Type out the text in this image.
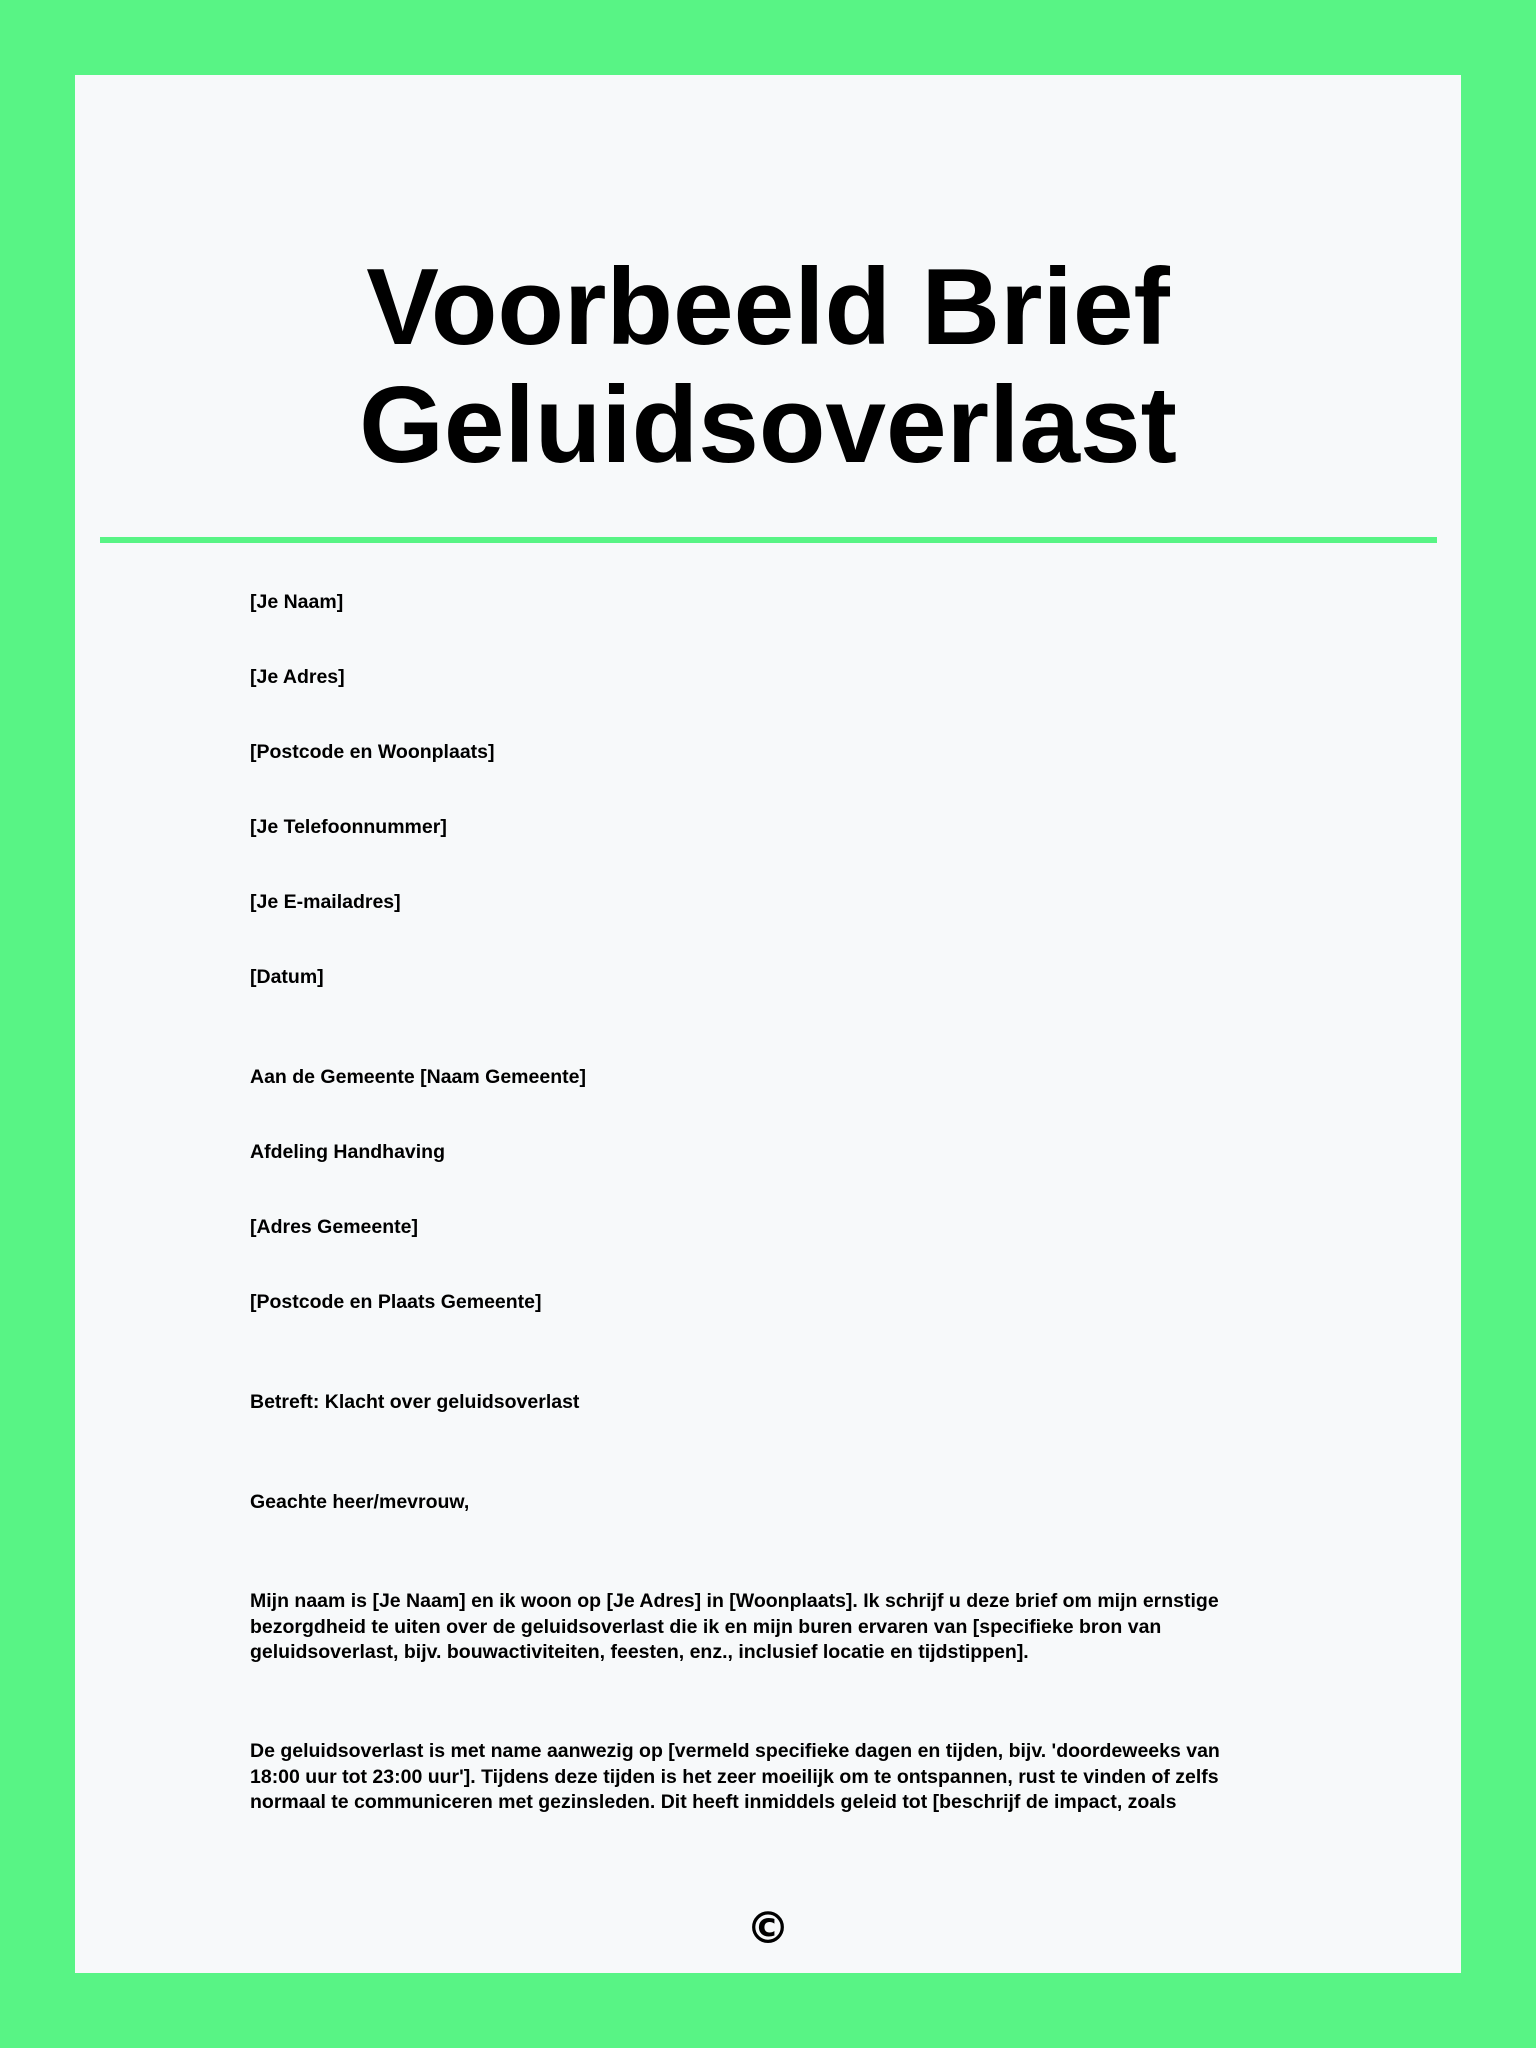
Voorbeeld Brief
Geluidsoverlast
[Je Naam]
[Je Adres]
[Postcode en Woonplaats]
[Je Telefoonnummer]
[Je E-mailadres]
[Datum]
Aan de Gemeente [Naam Gemeente]
Afdeling Handhaving
[Adres Gemeente]
[Postcode en Plaats Gemeente]
Betreft: Klacht over geluidsoverlast
Geachte heer/mevrouw,
Mijn naam is [Je Naam] en ik woon op [Je Adres] in [Woonplaats]. Ik schrijf u deze brief om mijn ernstige
bezorgdheid te uiten over de geluidsoverlast die ik en mijn buren ervaren van [specifieke bron van
geluidsoverlast, bijv. bouwactiviteiten, feesten, enz., inclusief locatie en tijdstippen].
De geluidsoverlast is met name aanwezig op [vermeld specifieke dagen en tijden, bijv. 'doordeweeks van
18:00 uur tot 23:00 uur']. Tijdens deze tijden is het zeer moeilijk om te ontspannen, rust te vinden of zelfs
normaal te communiceren met gezinsleden. Dit heeft inmiddels geleid tot [beschrijf de impact, zoals
©
